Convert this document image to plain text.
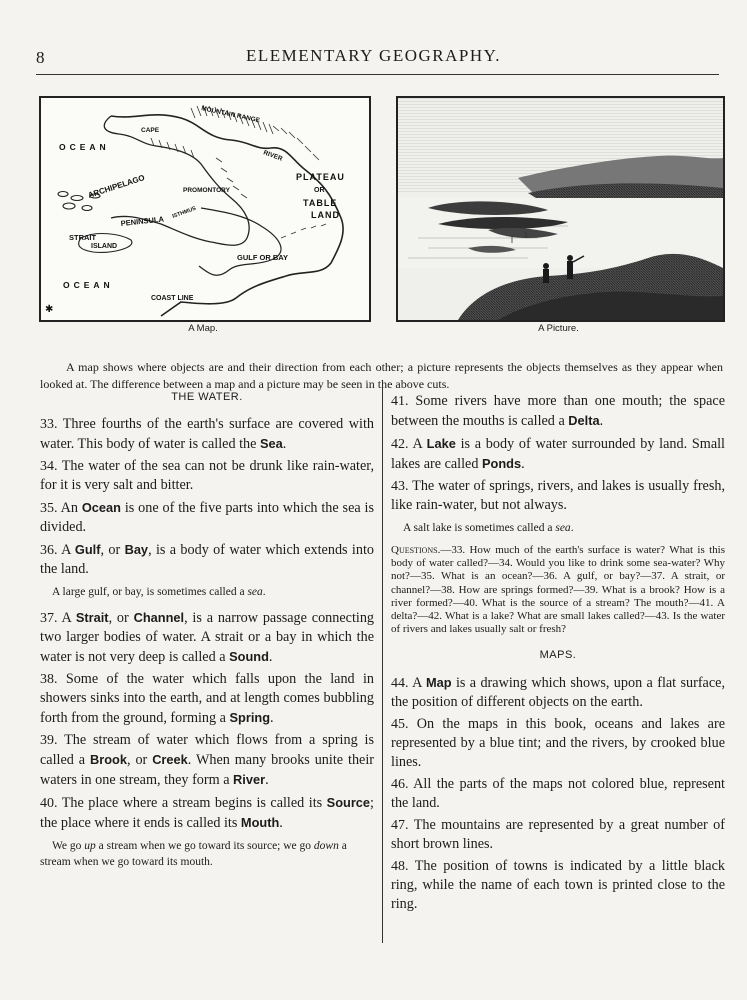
8	ELEMENTARY GEOGRAPHY.
OCEAN
OCEAN
PLATEAU
OR
TABLE
LAND
MOUNTAIN RANGE
CAPE
RIVER
ARCHIPELAGO	PROMONTORY
STRAIT
PENINSULA
ISTHMUS
ISLAND
GULF OR BAY
COAST LINE
✱
A Map.	A Picture.

A map shows where objects are and their direction from each other; a picture represents the objects themselves as they appear when looked at. The difference between a map and a picture may be seen in the above cuts.

THE WATER.

33. Three fourths of the earth's surface are covered with water. This body of water is called the Sea.

34. The water of the sea can not be drunk like rain-water, for it is very salt and bitter.

35. An Ocean is one of the five parts into which the sea is divided.

36. A Gulf, or Bay, is a body of water which extends into the land.

A large gulf, or bay, is sometimes called a sea.

37. A Strait, or Channel, is a narrow passage connecting two larger bodies of water. A strait or a bay in which the water is not very deep is called a Sound.

38. Some of the water which falls upon the land in showers sinks into the earth, and at length comes bubbling forth from the ground, forming a Spring.

39. The stream of water which flows from a spring is called a Brook, or Creek. When many brooks unite their waters in one stream, they form a River.

40. The place where a stream begins is called its Source; the place where it ends is called its Mouth.

We go up a stream when we go toward its source; we go down a stream when we go toward its mouth.

41. Some rivers have more than one mouth; the space between the mouths is called a Delta.

42. A Lake is a body of water surrounded by land. Small lakes are called Ponds.

43. The water of springs, rivers, and lakes is usually fresh, like rain-water, but not always.

A salt lake is sometimes called a sea.

Questions.—33. How much of the earth's surface is water? What is this body of water called?—34. Would you like to drink some sea-water? Why not?—35. What is an ocean?—36. A gulf, or bay?—37. A strait, or channel?—38. How are springs formed?—39. What is a brook? How is a river formed?—40. What is the source of a stream? The mouth?—41. A delta?—42. What is a lake? What are small lakes called?—43. Is the water of rivers and lakes usually salt or fresh?

MAPS.

44. A Map is a drawing which shows, upon a flat surface, the position of different objects on the earth.

45. On the maps in this book, oceans and lakes are represented by a blue tint; and the rivers, by crooked blue lines.

46. All the parts of the maps not colored blue, represent the land.

47. The mountains are represented by a great number of short brown lines.

48. The position of towns is indicated by a little black ring, while the name of each town is printed close to the ring.
